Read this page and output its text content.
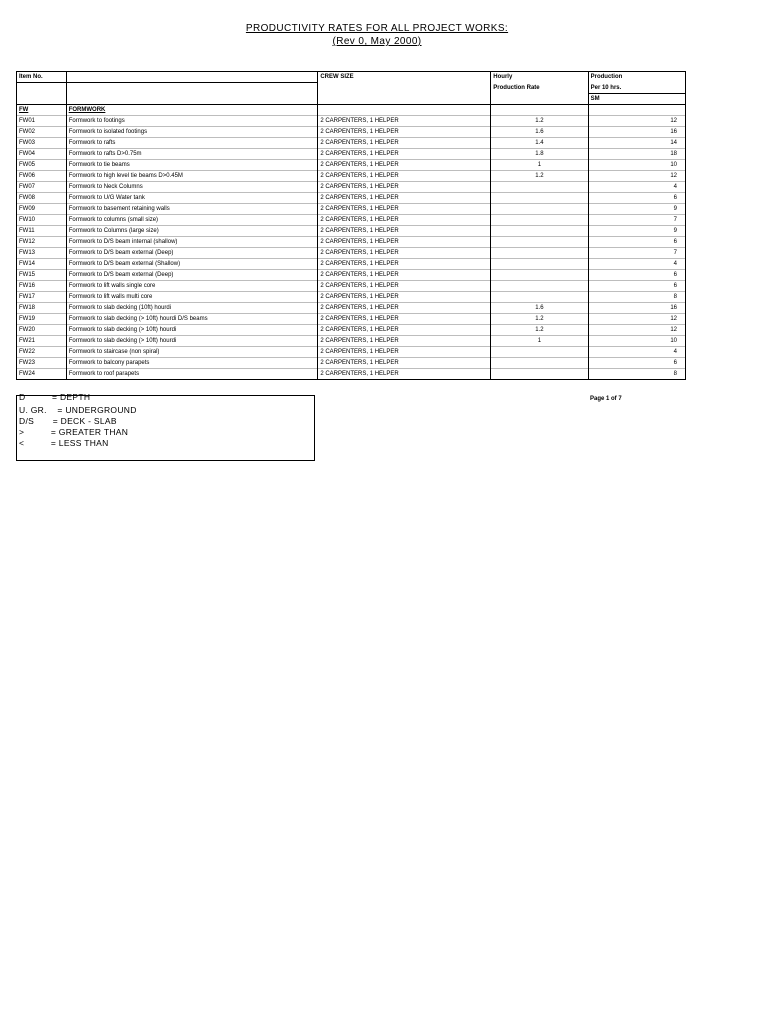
PRODUCTIVITY RATES FOR ALL PROJECT WORKS:
(Rev 0, May 2000)
Item No.		CREW SIZE	Hourly	Production
			Production Rate	Per 10 hrs.
				SM
FW	FORMWORK			
FW01	Formwork to footings	2 CARPENTERS, 1 HELPER	1.2	12
FW02	Formwork to isolated footings	2 CARPENTERS, 1 HELPER	1.6	16
FW03	Formwork to rafts	2 CARPENTERS, 1 HELPER	1.4	14
FW04	Formwork to rafts D>0.75m	2 CARPENTERS, 1 HELPER	1.8	18
FW05	Formwork to tie beams	2 CARPENTERS, 1 HELPER	1	10
FW06	Formwork to high level tie beams D>0.45M	2 CARPENTERS, 1 HELPER	1.2	12
FW07	Formwork to Neck Columns	2 CARPENTERS, 1 HELPER		4
FW08	Formwork to U/G Water tank	2 CARPENTERS, 1 HELPER		6
FW09	Formwork to basement retaining walls	2 CARPENTERS, 1 HELPER		9
FW10	Formwork to columns (small size)	2 CARPENTERS, 1 HELPER		7
FW11	Formwork to Columns (large size)	2 CARPENTERS, 1 HELPER		9
FW12	Formwork to D/S beam internal (shallow)	2 CARPENTERS, 1 HELPER		6
FW13	Formwork to D/S beam external (Deep)	2 CARPENTERS, 1 HELPER		7
FW14	Formwork to D/S beam external (Shallow)	2 CARPENTERS, 1 HELPER		4
FW15	Formwork to D/S beam external (Deep)	2 CARPENTERS, 1 HELPER		6
FW16	Formwork to lift walls single core	2 CARPENTERS, 1 HELPER		6
FW17	Formwork to lift walls multi core	2 CARPENTERS, 1 HELPER		8
FW18	Formwork to slab decking (10ft) hourdi	2 CARPENTERS, 1 HELPER	1.6	16
FW19	Formwork to slab decking (> 10ft) hourdi D/S beams	2 CARPENTERS, 1 HELPER	1.2	12
FW20	Formwork to slab decking (> 10ft) hourdi	2 CARPENTERS, 1 HELPER	1.2	12
FW21	Formwork to slab decking (> 10ft) hourdi	2 CARPENTERS, 1 HELPER	1	10
FW22	Formwork to staircase (non spiral)	2 CARPENTERS, 1 HELPER		4
FW23	Formwork to balcony parapets	2 CARPENTERS, 1 HELPER		6
FW24	Formwork to roof parapets	2 CARPENTERS, 1 HELPER		8
D          = DEPTH
U. GR.    = UNDERGROUND
D/S       = DECK - SLAB
>          = GREATER THAN
<          = LESS THAN
Page 1 of 7
